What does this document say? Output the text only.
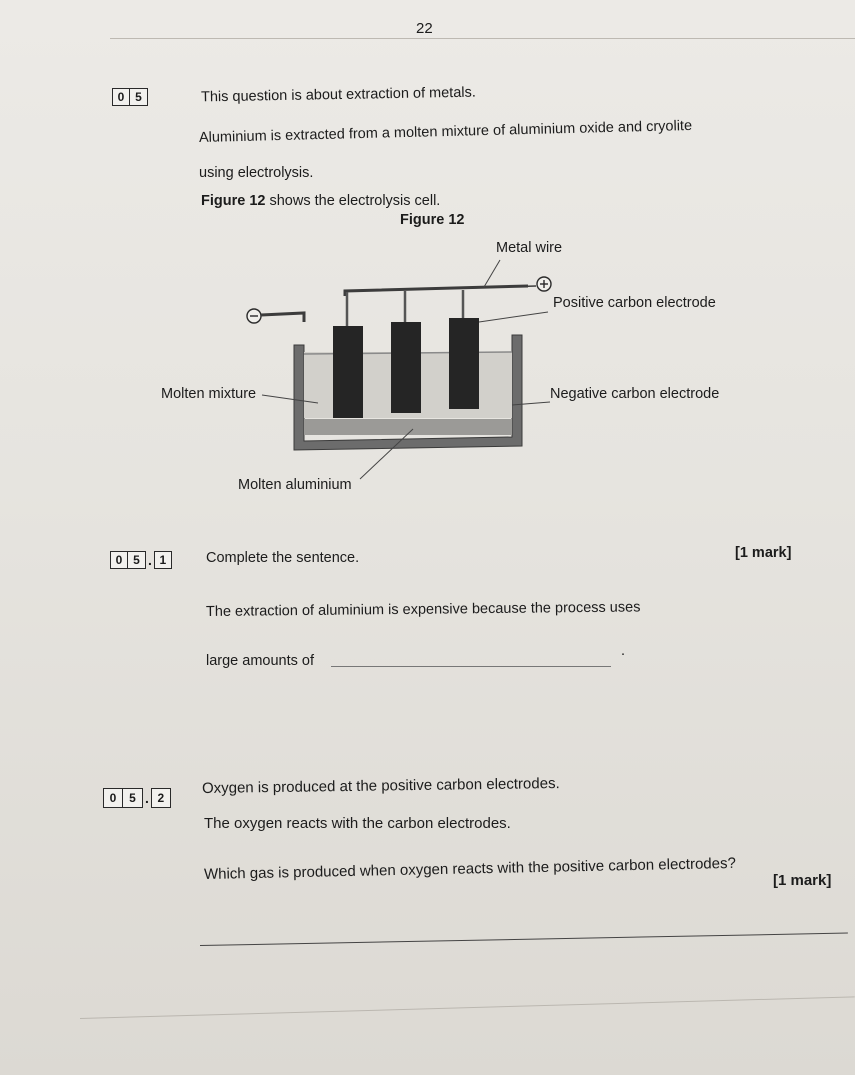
22
0 5	This question is about extraction of metals.
Aluminium is extracted from a molten mixture of aluminium oxide and cryolite
using electrolysis.
Figure 12 shows the electrolysis cell.
Figure 12
Metal wire
Positive carbon electrode
Molten mixture	Negative carbon electrode
Molten aluminium
0 5 . 1	Complete the sentence.	[1 mark]
The extraction of aluminium is expensive because the process uses
large amounts of
.
0	5 . 2
Oxygen is produced at the positive carbon electrodes.
The oxygen reacts with the carbon electrodes.
Which gas is produced when oxygen reacts with the positive carbon electrodes? [1 mark]
